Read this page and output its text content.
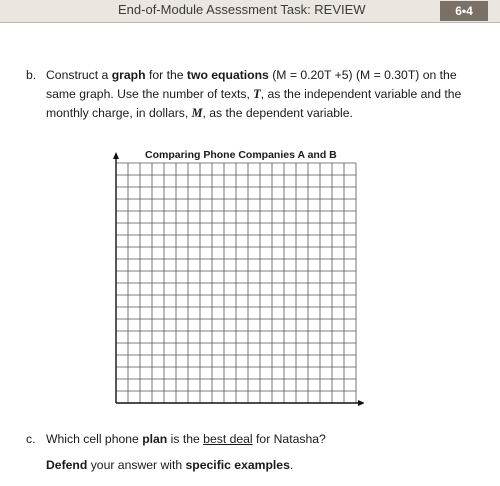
End-of-Module Assessment Task: REVIEW	6•4
b. Construct a graph for the two equations (M = 0.20T +5) (M = 0.30T) on the same graph. Use the number of texts, T, as the independent variable and the monthly charge, in dollars, M, as the dependent variable.
Comparing Phone Companies A and B
c. Which cell phone plan is the best deal for Natasha?
Defend your answer with specific examples.
